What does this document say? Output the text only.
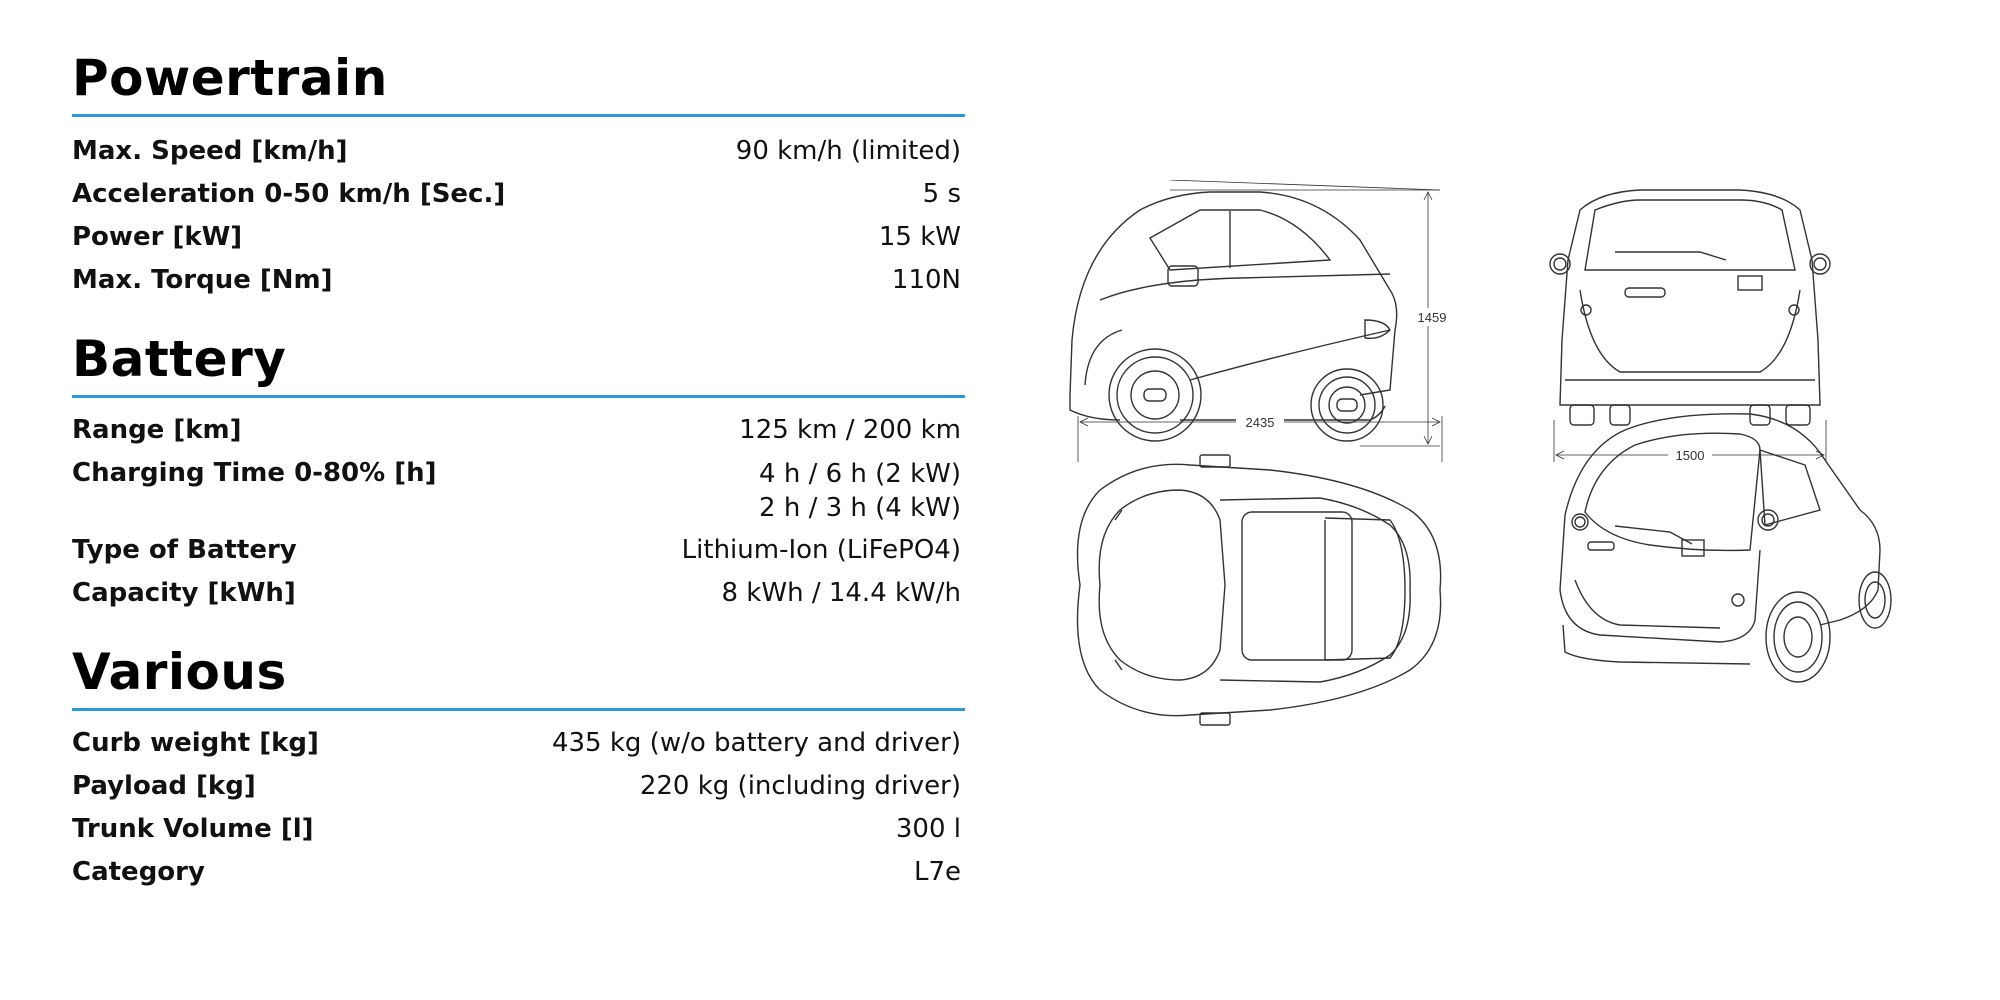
Powertrain
Max. Speed [km/h]	90 km/h (limited)
Acceleration 0-50 km/h [Sec.]	5 s
Power [kW]	15 kW
Max. Torque [Nm]	110N
Battery
Range [km]	125 km / 200 km
Charging Time 0-80% [h]	4 h / 6 h (2 kW)
2 h / 3 h (4 kW)
Type of Battery	Lithium-Ion (LiFePO4)
Capacity [kWh]	8 kWh / 14.4 kW/h
Various
Curb weight [kg]	435 kg (w/o battery and driver)
Payload [kg]	220 kg (including driver)
Trunk Volume [l]	300 l
Category	L7e
1459
1500
2435
